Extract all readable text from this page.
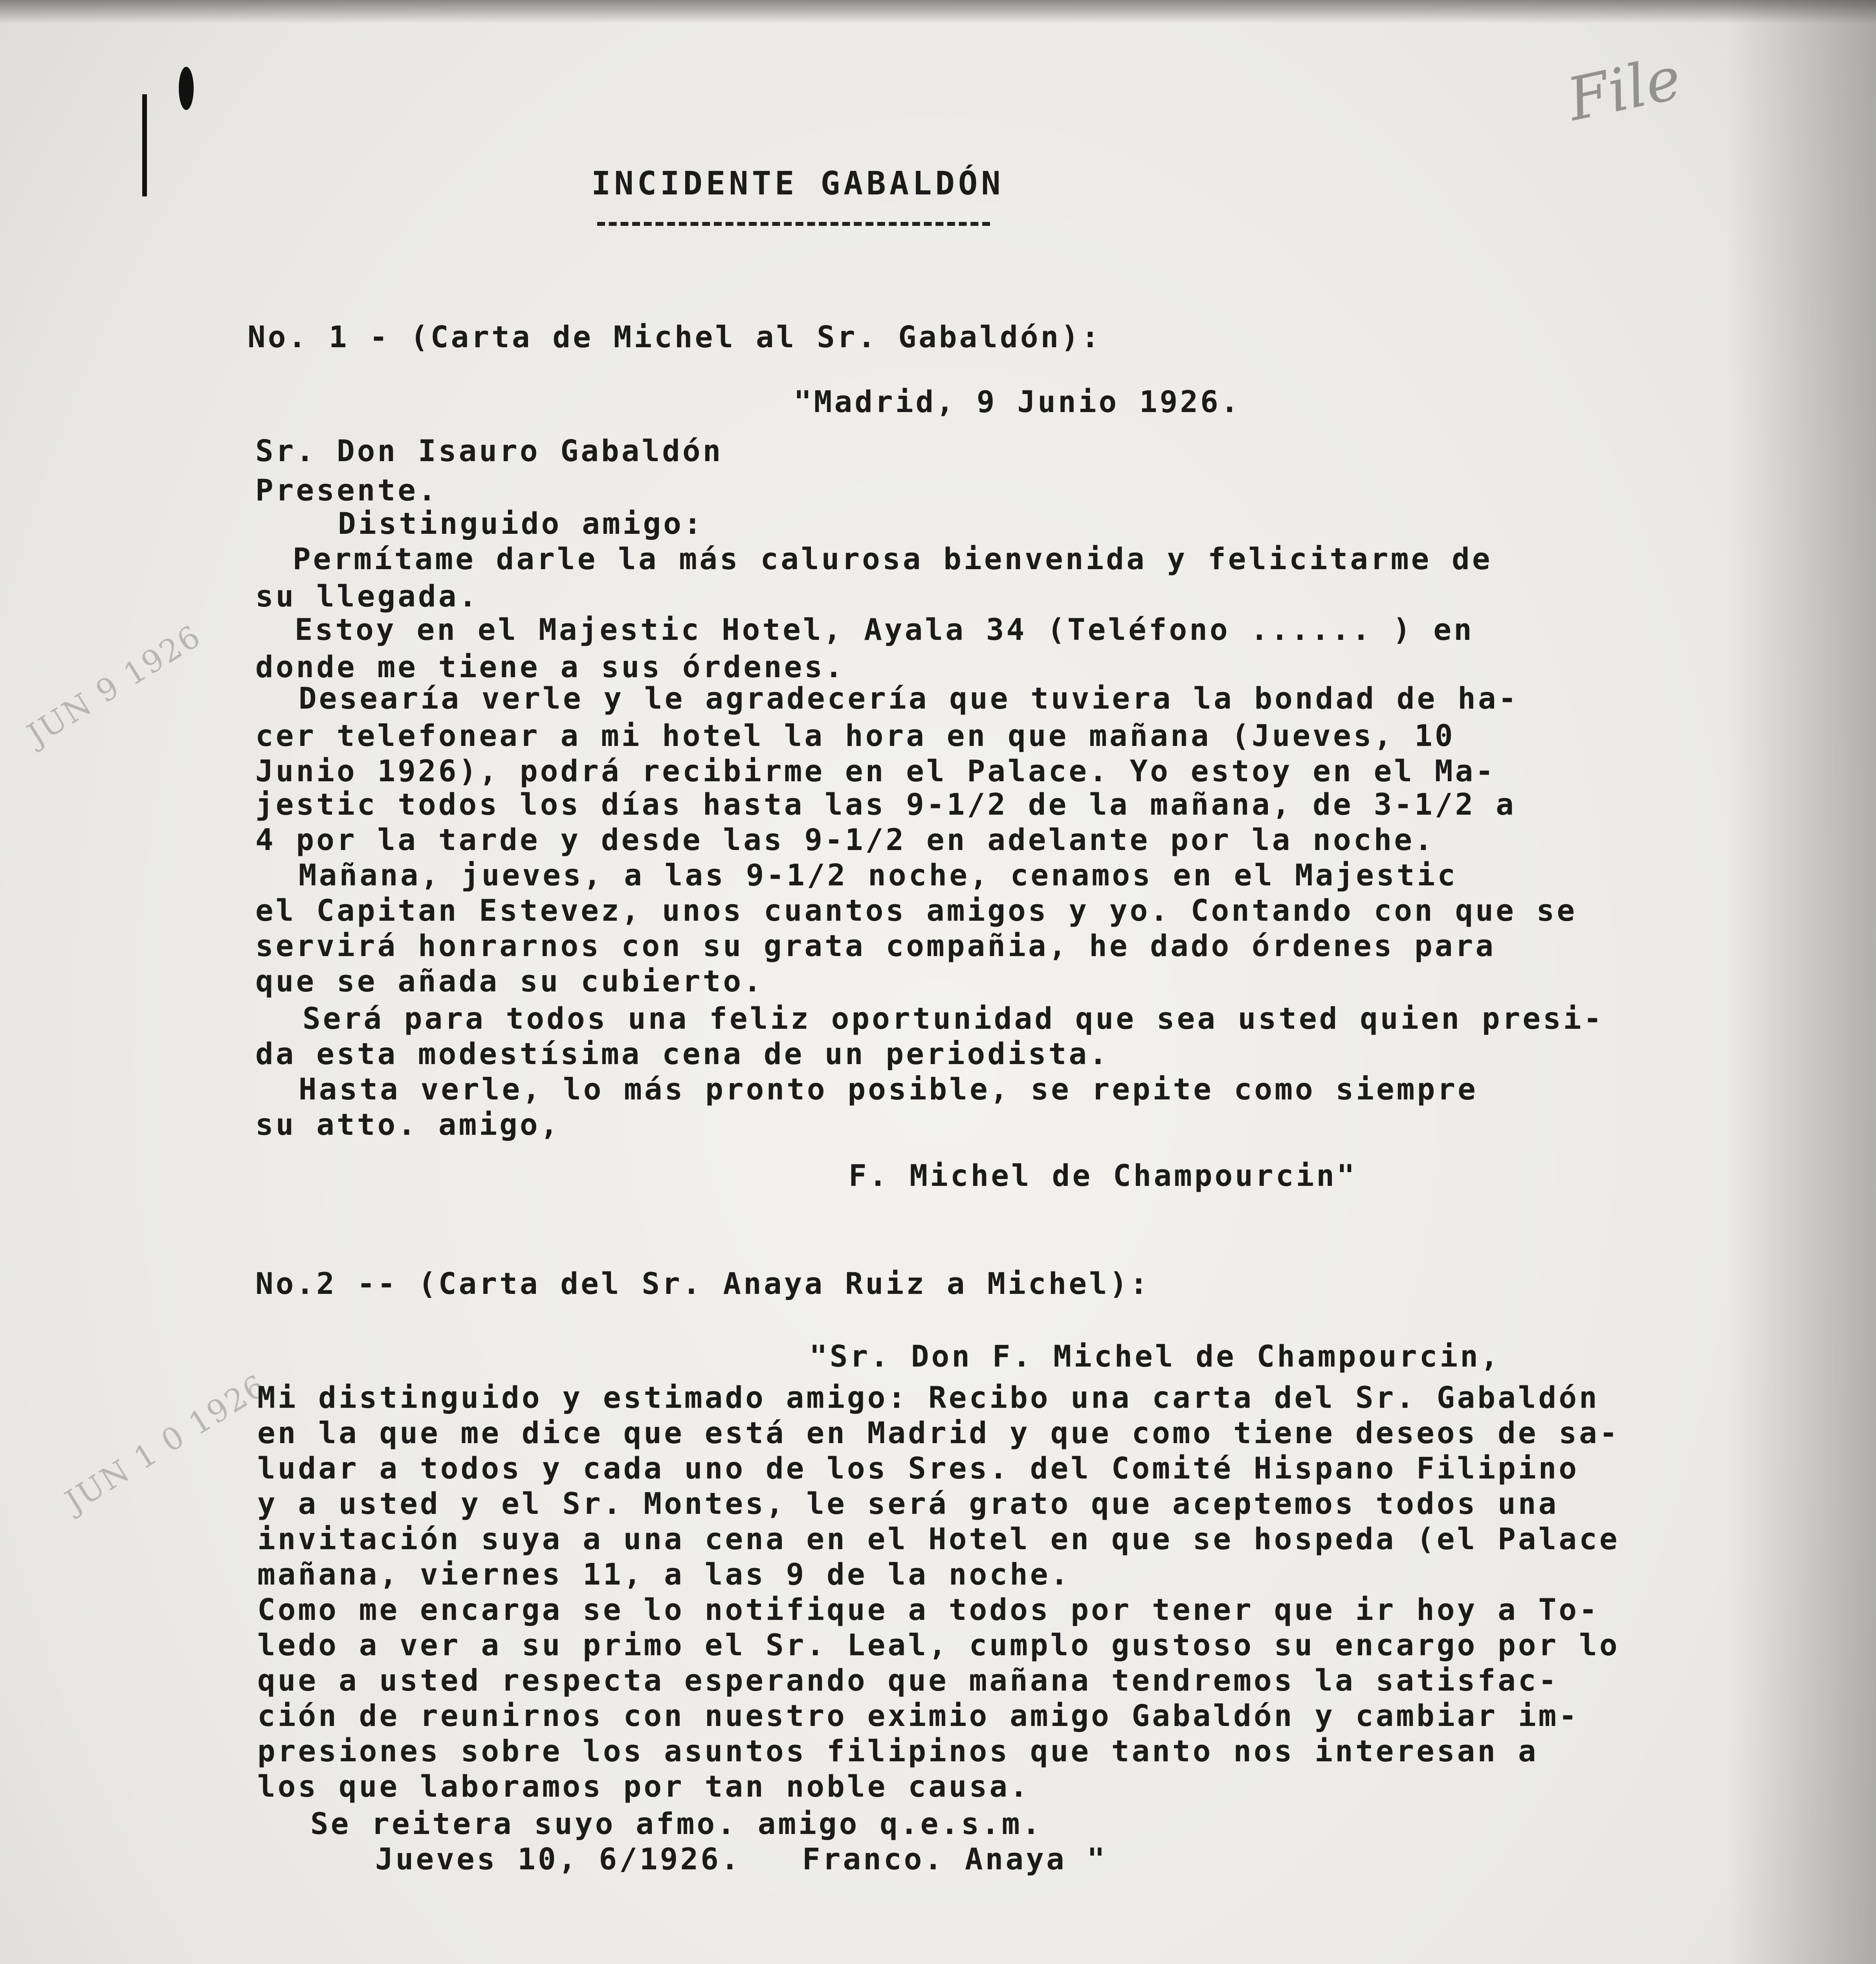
File
JUN 9 1926
JUN 1 0 1926
INCIDENTE GABALDÓN
No. 1 - (Carta de Michel al Sr. Gabaldón):
"Madrid, 9 Junio 1926.
Sr. Don Isauro Gabaldón
Presente.
Distinguido amigo:
Permítame darle la más calurosa bienvenida y felicitarme de
su llegada.
Estoy en el Majestic Hotel, Ayala 34 (Teléfono ...... ) en
donde me tiene a sus órdenes.
Desearía verle y le agradecería que tuviera la bondad de ha-
cer telefonear a mi hotel la hora en que mañana (Jueves, 10
Junio 1926), podrá recibirme en el Palace. Yo estoy en el Ma-
jestic todos los días hasta las 9-1/2 de la mañana, de 3-1/2 a
4 por la tarde y desde las 9-1/2 en adelante por la noche.
Mañana, jueves, a las 9-1/2 noche, cenamos en el Majestic
el Capitan Estevez, unos cuantos amigos y yo. Contando con que se
servirá honrarnos con su grata compañia, he dado órdenes para
que se añada su cubierto.
Será para todos una feliz oportunidad que sea usted quien presi-
da esta modestísima cena de un periodista.
Hasta verle, lo más pronto posible, se repite como siempre
su atto. amigo,
F. Michel de Champourcin"
No.2 -- (Carta del Sr. Anaya Ruiz a Michel):
"Sr. Don F. Michel de Champourcin,
Mi distinguido y estimado amigo: Recibo una carta del Sr. Gabaldón
en la que me dice que está en Madrid y que como tiene deseos de sa-
ludar a todos y cada uno de los Sres. del Comité Hispano Filipino
y a usted y el Sr. Montes, le será grato que aceptemos todos una
invitación suya a una cena en el Hotel en que se hospeda (el Palace
mañana, viernes 11, a las 9 de la noche.
Como me encarga se lo notifique a todos por tener que ir hoy a To-
ledo a ver a su primo el Sr. Leal, cumplo gustoso su encargo por lo
que a usted respecta esperando que mañana tendremos la satisfac-
ción de reunirnos con nuestro eximio amigo Gabaldón y cambiar im-
presiones sobre los asuntos filipinos que tanto nos interesan a
los que laboramos por tan noble causa.
Se reitera suyo afmo. amigo q.e.s.m.
Jueves 10, 6/1926.   Franco. Anaya "
